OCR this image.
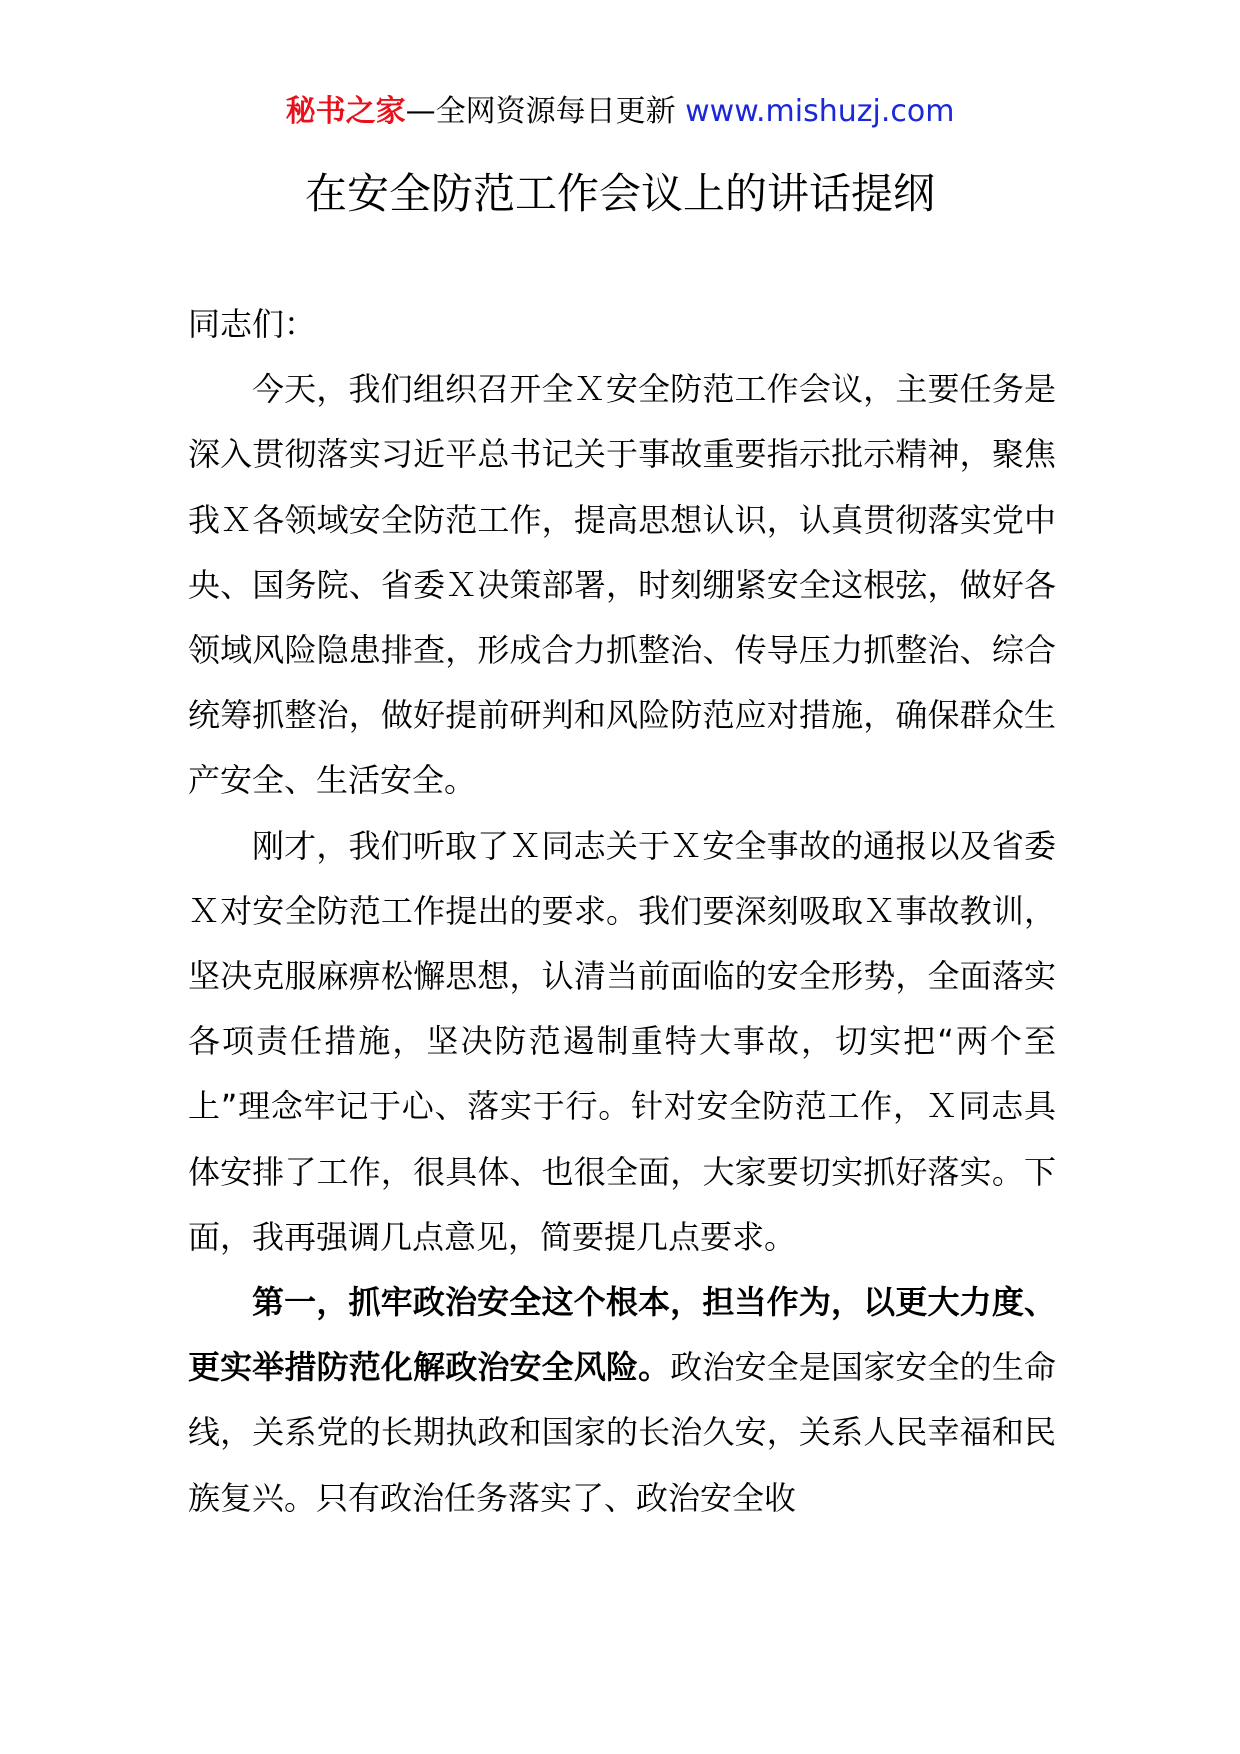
秘书之家—全网资源每日更新 www.mishuzj.com
在安全防范工作会议上的讲话提纲

同志们：

今天，我们组织召开全Ｘ安全防范工作会议，主要任务是深入贯彻落实习近平总书记关于事故重要指示批示精神，聚焦我Ｘ各领域安全防范工作，提高思想认识，认真贯彻落实党中央、国务院、省委Ｘ决策部署，时刻绷紧安全这根弦，做好各领域风险隐患排查，形成合力抓整治、传导压力抓整治、综合统筹抓整治，做好提前研判和风险防范应对措施，确保群众生产安全、生活安全。

刚才，我们听取了Ｘ同志关于Ｘ安全事故的通报以及省委Ｘ对安全防范工作提出的要求。我们要深刻吸取Ｘ事故教训，坚决克服麻痹松懈思想，认清当前面临的安全形势，全面落实各项责任措施，坚决防范遏制重特大事故，切实把“两个至上”理念牢记于心、落实于行。针对安全防范工作，Ｘ同志具体安排了工作，很具体、也很全面，大家要切实抓好落实。下面，我再强调几点意见，简要提几点要求。

第一，抓牢政治安全这个根本，担当作为，以更大力度、更实举措防范化解政治安全风险。政治安全是国家安全的生命线，关系党的长期执政和国家的长治久安，关系人民幸福和民族复兴。只有政治任务落实了、政治安全收
